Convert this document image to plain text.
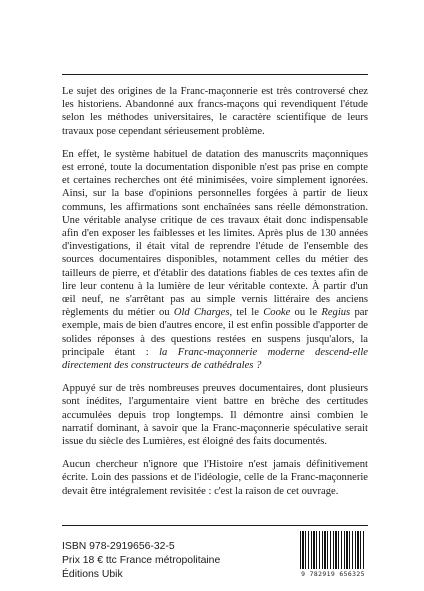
Le sujet des origines de la Franc-maçonnerie est très controversé chez les historiens. Abandonné aux francs-maçons qui revendiquent l'étude selon les méthodes universitaires, le caractère scientifique de leurs travaux pose cependant sérieusement problème.

En effet, le système habituel de datation des manuscrits maçonniques est erroné, toute la documentation disponible n'est pas prise en compte et certaines recherches ont été minimisées, voire simplement ignorées. Ainsi, sur la base d'opinions personnelles forgées à partir de lieux communs, les affirmations sont enchaînées sans réelle démonstration. Une véritable analyse critique de ces travaux était donc indispensable afin d'en exposer les faiblesses et les limites. Après plus de 130 années d'investigations, il était vital de reprendre l'étude de l'ensemble des sources documentaires disponibles, notamment celles du métier des tailleurs de pierre, et d'établir des datations fiables de ces textes afin de lire leur contenu à la lumière de leur véritable contexte. À partir d'un œil neuf, ne s'arrêtant pas au simple vernis littéraire des anciens règlements du métier ou Old Charges, tel le Cooke ou le Regius par exemple, mais de bien d'autres encore, il est enfin possible d'apporter de solides réponses à des questions restées en suspens jusqu'alors, la principale étant : la Franc-maçonnerie moderne descend-elle directement des constructeurs de cathédrales ?

Appuyé sur de très nombreuses preuves documentaires, dont plusieurs sont inédites, l'argumentaire vient battre en brèche des certitudes accumulées depuis trop longtemps. Il démontre ainsi combien le narratif dominant, à savoir que la Franc-maçonnerie spéculative serait issue du siècle des Lumières, est éloigné des faits documentés.

Aucun chercheur n'ignore que l'Histoire n'est jamais définitivement écrite. Loin des passions et de l'idéologie, celle de la Franc-maçonnerie devait être intégralement revisitée : c'est la raison de cet ouvrage.

ISBN 978-2919656-32-5
Prix 18 € ttc France métropolitaine
Éditions Ubik	9 782919 656325
